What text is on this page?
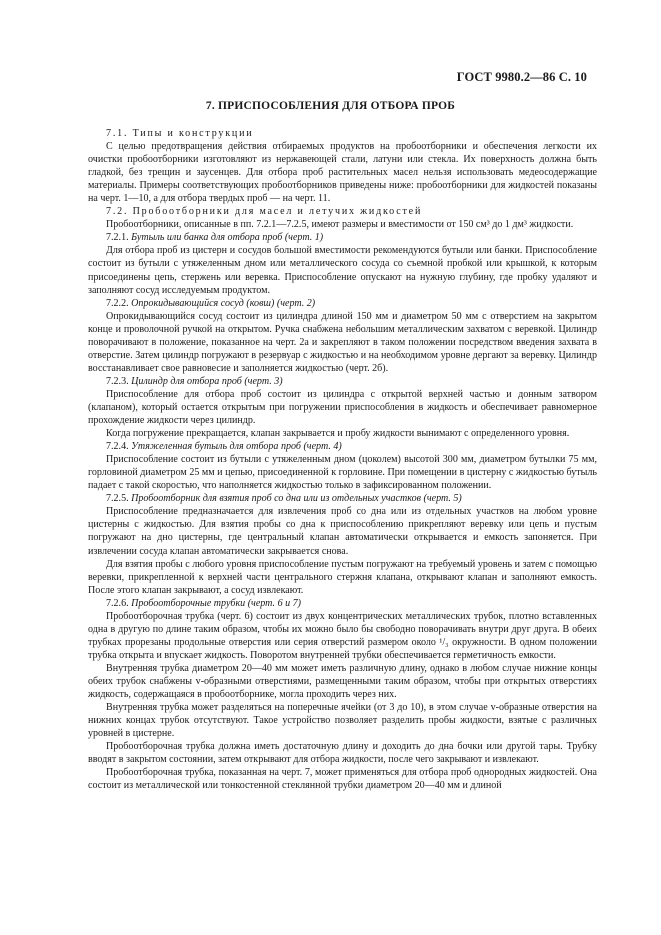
ГОСТ 9980.2—86 С. 10
7. ПРИСПОСОБЛЕНИЯ ДЛЯ ОТБОРА ПРОБ

7.1. Типы и конструкции

С целью предотвращения действия отбираемых продуктов на пробоотборники и обеспечения легкости их очистки пробоотборники изготовляют из нержавеющей стали, латуни или стекла. Их поверхность должна быть гладкой, без трещин и заусенцев. Для отбора проб растительных масел нельзя использовать медеосодержащие материалы. Примеры соответствующих пробоотборников приведены ниже: пробоотборники для жидкостей показаны на черт. 1—10, а для отбора твердых проб — на черт. 11.

7.2. Пробоотборники для масел и летучих жидкостей

Пробоотборники, описанные в пп. 7.2.1—7.2.5, имеют размеры и вместимости от 150 см³ до 1 дм³ жидкости.

7.2.1. Бутыль или банка для отбора проб (черт. 1)

Для отбора проб из цистерн и сосудов большой вместимости рекомендуются бутыли или банки. Приспособление состоит из бутыли с утяжеленным дном или металлического сосуда со съемной пробкой или крышкой, к которым присоединены цепь, стержень или веревка. Приспособление опускают на нужную глубину, где пробку удаляют и заполняют сосуд исследуемым продуктом.

7.2.2. Опрокидывающийся сосуд (ковш) (черт. 2)

Опрокидывающийся сосуд состоит из цилиндра длиной 150 мм и диаметром 50 мм с отверстием на закрытом конце и проволочной ручкой на открытом. Ручка снабжена небольшим металлическим захватом с веревкой. Цилиндр поворачивают в положение, показанное на черт. 2а и закрепляют в таком положении посредством введения захвата в отверстие. Затем цилиндр погружают в резервуар с жидкостью и на необходимом уровне дергают за веревку. Цилиндр восстанавливает свое равновесие и заполняется жидкостью (черт. 2б).

7.2.3. Цилиндр для отбора проб (черт. 3)

Приспособление для отбора проб состоит из цилиндра с открытой верхней частью и донным затвором (клапаном), который остается открытым при погружении приспособления в жидкость и обеспечивает равномерное прохождение жидкости через цилиндр.

Когда погружение прекращается, клапан закрывается и пробу жидкости вынимают с определенного уровня.

7.2.4. Утяжеленная бутыль для отбора проб (черт. 4)

Приспособление состоит из бутыли с утяжеленным дном (цоколем) высотой 300 мм, диаметром бутылки 75 мм, горловиной диаметром 25 мм и цепью, присоединенной к горловине. При помещении в цистерну с жидкостью бутыль падает с такой скоростью, что наполняется жидкостью только в зафиксированном положении.

7.2.5. Пробоотборник для взятия проб со дна или из отдельных участков (черт. 5)

Приспособление предназначается для извлечения проб со дна или из отдельных участков на любом уровне цистерны с жидкостью. Для взятия пробы со дна к приспособлению прикрепляют веревку или цепь и пустым погружают на дно цистерны, где центральный клапан автоматически открывается и емкость запоняется. При извлечении сосуда клапан автоматически закрывается снова.

Для взятия пробы с любого уровня приспособление пустым погружают на требуемый уровень и затем с помощью веревки, прикрепленной к верхней части центрального стержня клапана, открывают клапан и заполняют емкость. После этого клапан закрывают, а сосуд извлекают.

7.2.6. Пробоотборочные трубки (черт. 6 и 7)

Пробоотборочная трубка (черт. 6) состоит из двух концентрических металлических трубок, плотно вставленных одна в другую по длине таким образом, чтобы их можно было бы свободно поворачивать внутри друг друга. В обеих трубках прорезаны продольные отверстия или серия отверстий размером около ¹/₃ окружности. В одном положении трубка открыта и впускает жидкость. Поворотом внутренней трубки обеспечивается герметичность емкости.

Внутренняя трубка диаметром 20—40 мм может иметь различную длину, однако в любом случае нижние концы обеих трубок снабжены v-образными отверстиями, размещенными таким образом, чтобы при открытых отверстиях жидкость, содержащаяся в пробоотборнике, могла проходить через них.

Внутренняя трубка может разделяться на поперечные ячейки (от 3 до 10), в этом случае v-образные отверстия на нижних концах трубок отсутствуют. Такое устройство позволяет разделить пробы жидкости, взятые с различных уровней в цистерне.

Пробоотборочная трубка должна иметь достаточную длину и доходить до дна бочки или другой тары. Трубку вводят в закрытом состоянии, затем открывают для отбора жидкости, после чего закрывают и извлекают.

Пробоотборочная трубка, показанная на черт. 7, может применяться для отбора проб однородных жидкостей. Она состоит из металлической или тонкостенной стеклянной трубки диаметром 20—40 мм и длиной
